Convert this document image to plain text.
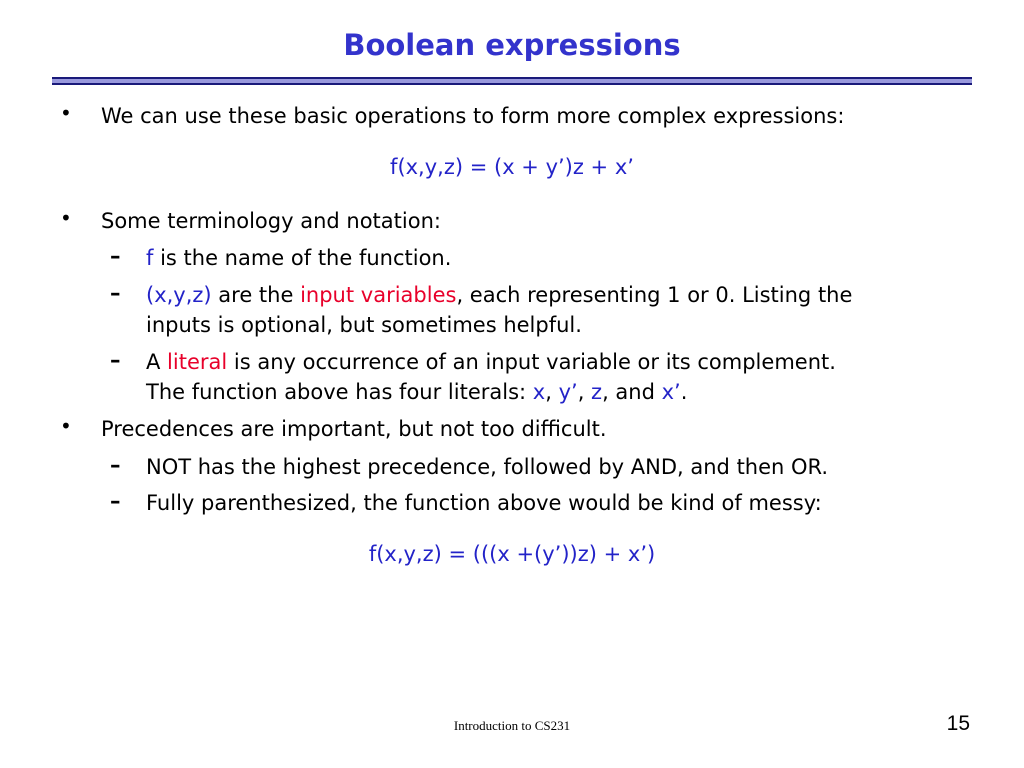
Boolean expressions
• We can use these basic operations to form more complex expressions:
f(x,y,z) = (x + y’)z + x’
• Some terminology and notation:
– f is the name of the function.
– (x,y,z) are the input variables, each representing 1 or 0. Listing the
inputs is optional, but sometimes helpful.
– A literal is any occurrence of an input variable or its complement.
The function above has four literals: x, y’, z, and x’.
• Precedences are important, but not too difficult.
– NOT has the highest precedence, followed by AND, and then OR.
– Fully parenthesized, the function above would be kind of messy:
f(x,y,z) = (((x +(y’))z) + x’)
Introduction to CS231	15
